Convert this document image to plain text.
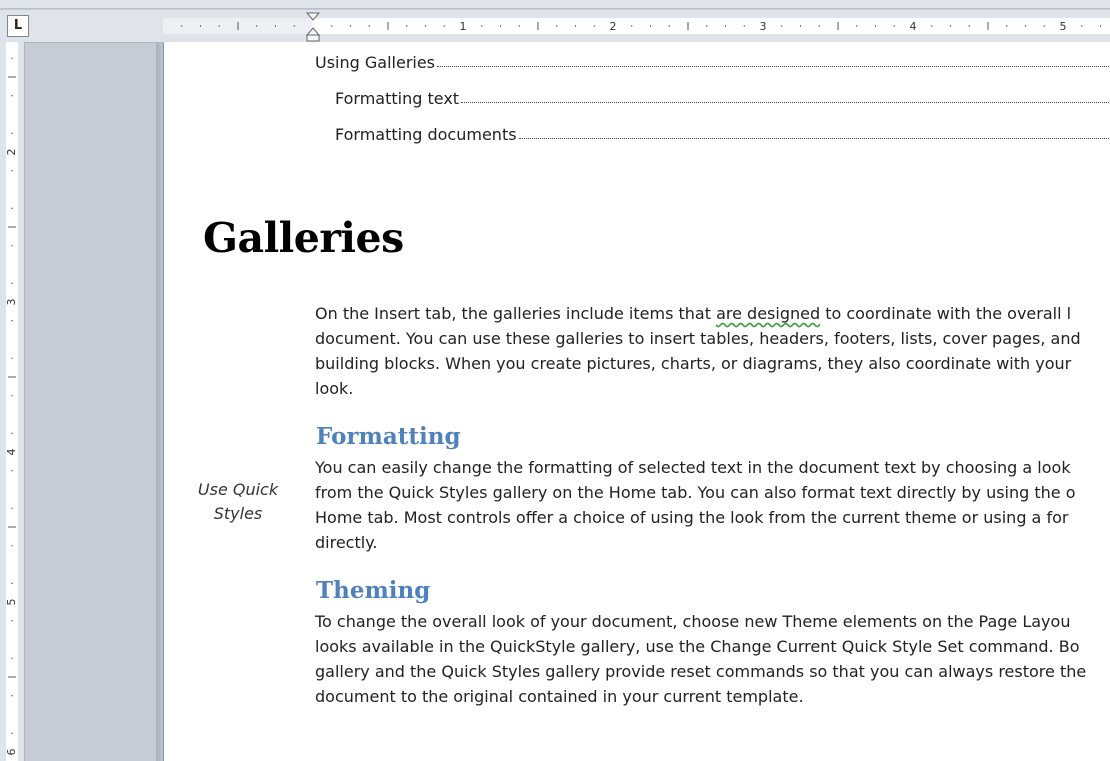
L	1	2	3	4	5
2
3
4
5
6
Using Galleries
Formatting text
Formatting documents
Galleries
On the Insert tab, the galleries include items that are designed to coordinate with the overall l
document. You can use these galleries to insert tables, headers, footers, lists, cover pages, and
building blocks. When you create pictures, charts, or diagrams, they also coordinate with your
look.
Formatting
You can easily change the formatting of selected text in the document text by choosing a look
from the Quick Styles gallery on the Home tab. You can also format text directly by using the o
Home tab. Most controls offer a choice of using the look from the current theme or using a for
directly.
Use Quick
Styles
Theming
To change the overall look of your document, choose new Theme elements on the Page Layou
looks available in the QuickStyle gallery, use the Change Current Quick Style Set command. Bo
gallery and the Quick Styles gallery provide reset commands so that you can always restore the
document to the original contained in your current template.
